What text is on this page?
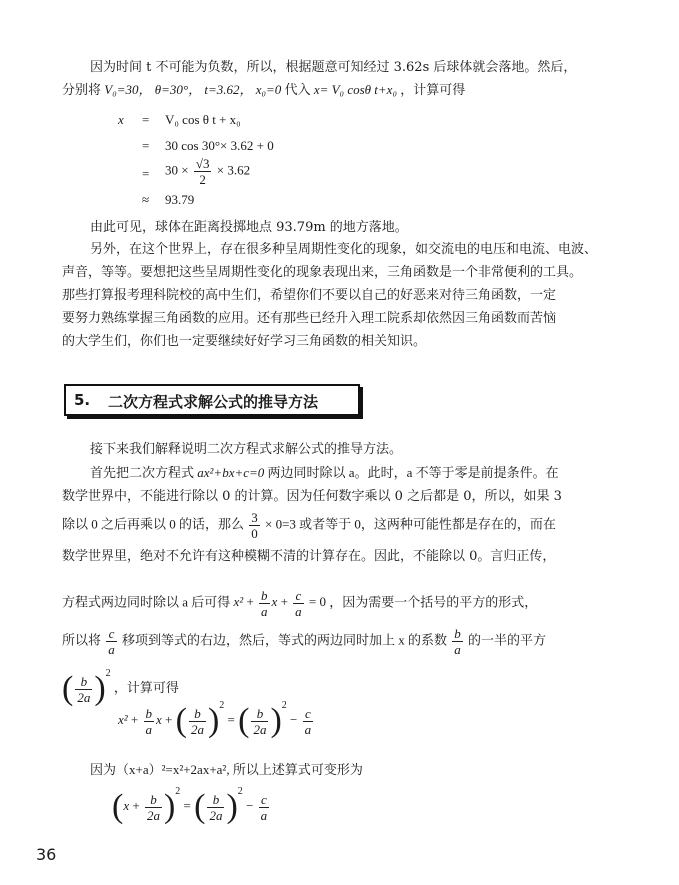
因为时间 t 不可能为负数，所以，根据题意可知经过 3.62s 后球体就会落地。然后，
分别将 V₀=30， θ=30°， t=3.62， x₀=0 代入 x= V₀ cosθ t+x₀ ，计算可得
x = V₀ cos θ t + x₀
= 30 cos 30°× 3.62 + 0
= $30 \times \frac{√3}{2} \times 3.62$
≈ 93.79
由此可见，球体在距离投掷地点 93.79m 的地方落地。
另外，在这个世界上，存在很多种呈周期性变化的现象，如交流电的电压和电流、电波、
声音，等等。要想把这些呈周期性变化的现象表现出来，三角函数是一个非常便利的工具。
那些打算报考理科院校的高中生们，希望你们不要以自己的好恶来对待三角函数，一定
要努力熟练掌握三角函数的应用。还有那些已经升入理工院系却依然因三角函数而苦恼
的大学生们，你们也一定要继续好好学习三角函数的相关知识。
5. 二次方程式求解公式的推导方法
接下来我们解释说明二次方程式求解公式的推导方法。
首先把二次方程式 ax²+bx+c=0 两边同时除以 a。此时，a 不等于零是前提条件。在
数学世界中，不能进行除以 0 的计算。因为任何数字乘以 0 之后都是 0，所以，如果 3
除以 0 之后再乘以 0 的话，那么 $\frac{3}{0} \times 0=3$ 或者等于 0，这两种可能性都是存在的，而在
数学世界里，绝对不允许有这种模糊不清的计算存在。因此，不能除以 0。言归正传，
方程式两边同时除以 a 后可得 $x^2 + \frac{b}{a}$ $x + \frac{c}{a} = 0$ ，因为需要一个括号的平方的形式，
所以将 $\frac{c}{a}$ 移项到等式的右边，然后，等式的两边同时加上 x 的系数 $\frac{b}{a}$ 的一半的平方
( $\frac{b}{2a} )^2$ ，计算可得
$x^2 + \frac{b}{a}$ x + ( $\frac{b}{2a} )^2$ = ( $\frac{b}{2a} )^2 - \frac{c}{a}$
因为（x+a）²=x²+2ax+a², 所以上述算式可变形为
$(x + \frac{b}{2a} )^2$ = ( $\frac{b}{2a} )^2 - \frac{c}{a}$
36
